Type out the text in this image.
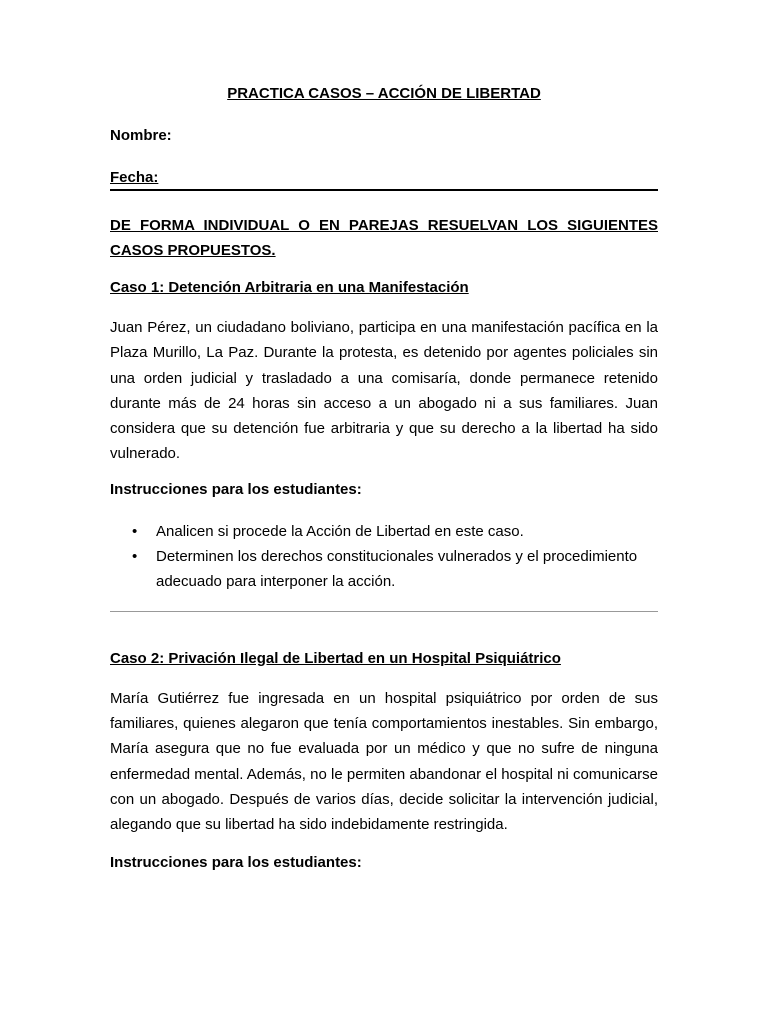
PRACTICA CASOS – ACCIÓN DE LIBERTAD

Nombre:

Fecha:

DE FORMA INDIVIDUAL O EN PAREJAS RESUELVAN LOS SIGUIENTES CASOS PROPUESTOS.

Caso 1: Detención Arbitraria en una Manifestación

Juan Pérez, un ciudadano boliviano, participa en una manifestación pacífica en la Plaza Murillo, La Paz. Durante la protesta, es detenido por agentes policiales sin una orden judicial y trasladado a una comisaría, donde permanece retenido durante más de 24 horas sin acceso a un abogado ni a sus familiares. Juan considera que su detención fue arbitraria y que su derecho a la libertad ha sido vulnerado.

Instrucciones para los estudiantes:

• Analicen si procede la Acción de Libertad en este caso.
• Determinen los derechos constitucionales vulnerados y el procedimiento adecuado para interponer la acción.

Caso 2: Privación Ilegal de Libertad en un Hospital Psiquiátrico

María Gutiérrez fue ingresada en un hospital psiquiátrico por orden de sus familiares, quienes alegaron que tenía comportamientos inestables. Sin embargo, María asegura que no fue evaluada por un médico y que no sufre de ninguna enfermedad mental. Además, no le permiten abandonar el hospital ni comunicarse con un abogado. Después de varios días, decide solicitar la intervención judicial, alegando que su libertad ha sido indebidamente restringida.

Instrucciones para los estudiantes:
